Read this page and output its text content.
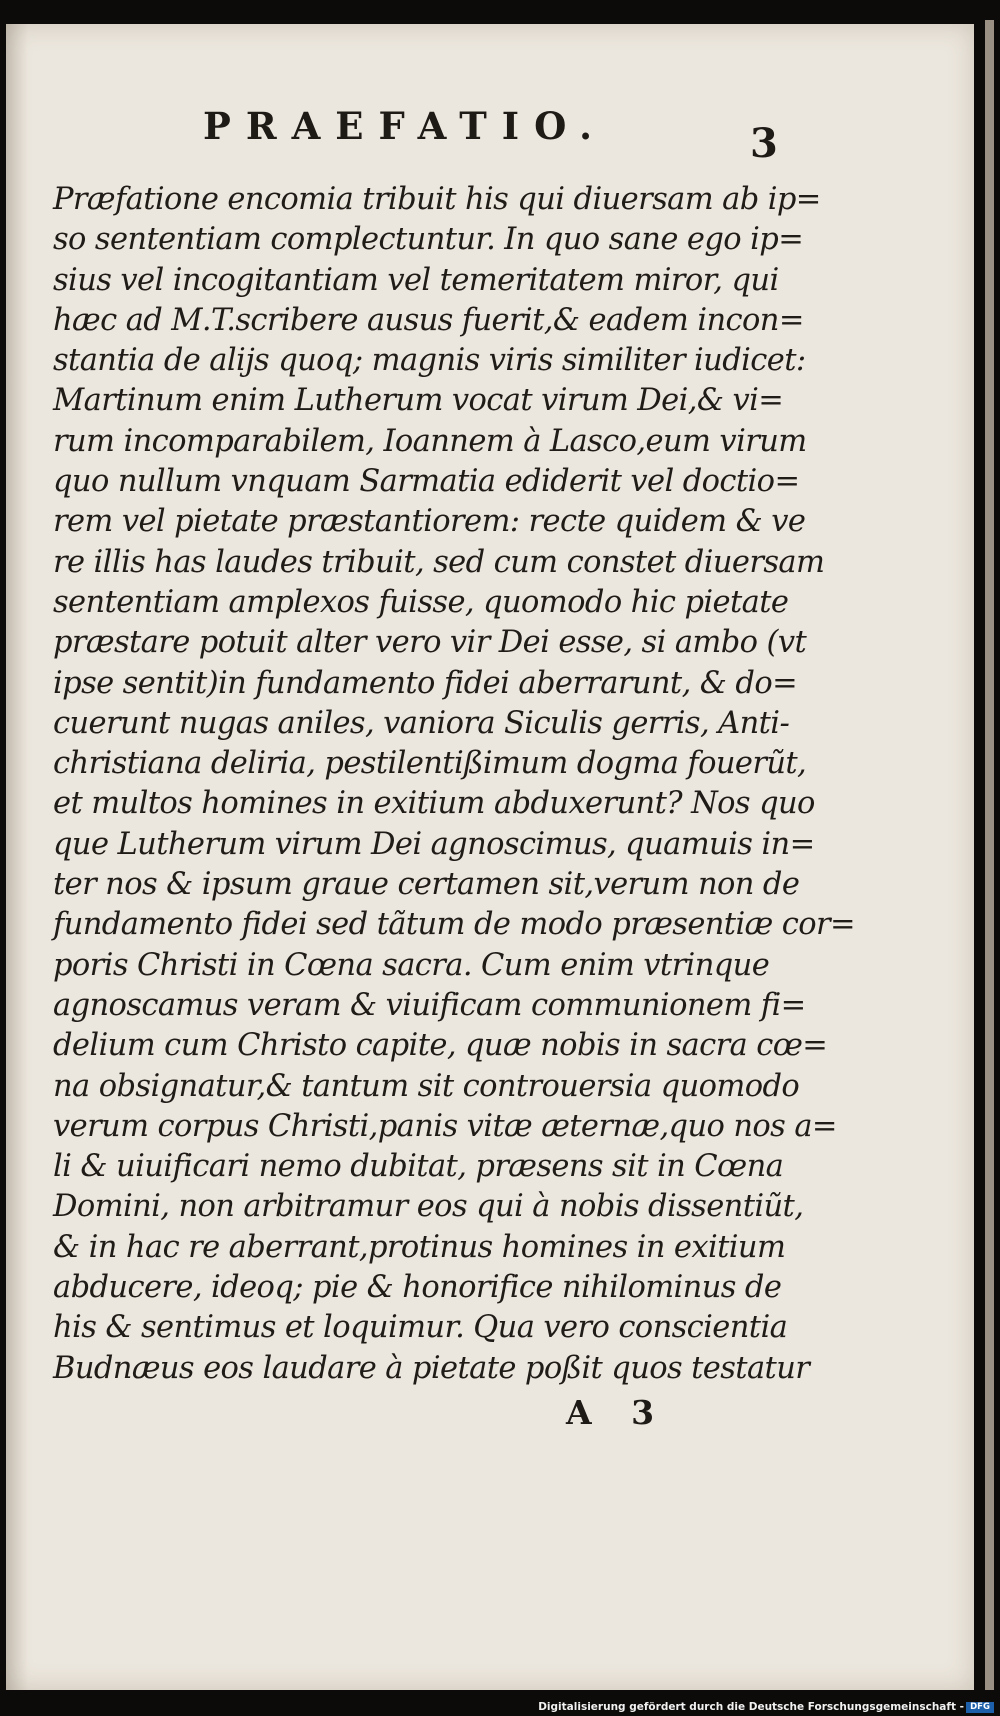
PRAEFATIO.	3
Præfatione encomia tribuit his qui diuersam ab ip=
so sententiam complectuntur. In quo sane ego ip=
sius vel incogitantiam vel temeritatem miror, qui
hæc ad M.T.scribere ausus fuerit,& eadem incon=
stantia de alijs quoq; magnis viris similiter iudicet:
Martinum enim Lutherum vocat virum Dei,& vi=
rum incomparabilem, Ioannem à Lasco,eum virum
quo nullum vnquam Sarmatia ediderit vel doctio=
rem vel pietate præstantiorem: recte quidem & ve
re illis has laudes tribuit, sed cum constet diuersam
sententiam amplexos fuisse, quomodo hic pietate
præstare potuit alter vero vir Dei esse, si ambo (vt
ipse sentit)in fundamento fidei aberrarunt, & do=
cuerunt nugas aniles, vaniora Siculis gerris, Anti-
christiana deliria, pestilentißimum dogma fouerũt,
et multos homines in exitium abduxerunt? Nos quo
que Lutherum virum Dei agnoscimus, quamuis in=
ter nos & ipsum graue certamen sit,verum non de
fundamento fidei sed tãtum de modo præsentiæ cor=
poris Christi in Cœna sacra. Cum enim vtrinque
agnoscamus veram & viuificam communionem fi=
delium cum Christo capite, quæ nobis in sacra cœ=
na obsignatur,& tantum sit controuersia quomodo
verum corpus Christi,panis vitæ æternæ,quo nos a=
li & uiuificari nemo dubitat, præsens sit in Cœna
Domini, non arbitramur eos qui à nobis dissentiũt,
& in hac re aberrant,protinus homines in exitium
abducere, ideoq; pie & honorifice nihilominus de
his & sentimus et loquimur. Qua vero conscientia
Budnæus eos laudare à pietate poßit quos testatur
A 3
Digitalisierung gefördert durch die Deutsche Forschungsgemeinschaft - DFG
